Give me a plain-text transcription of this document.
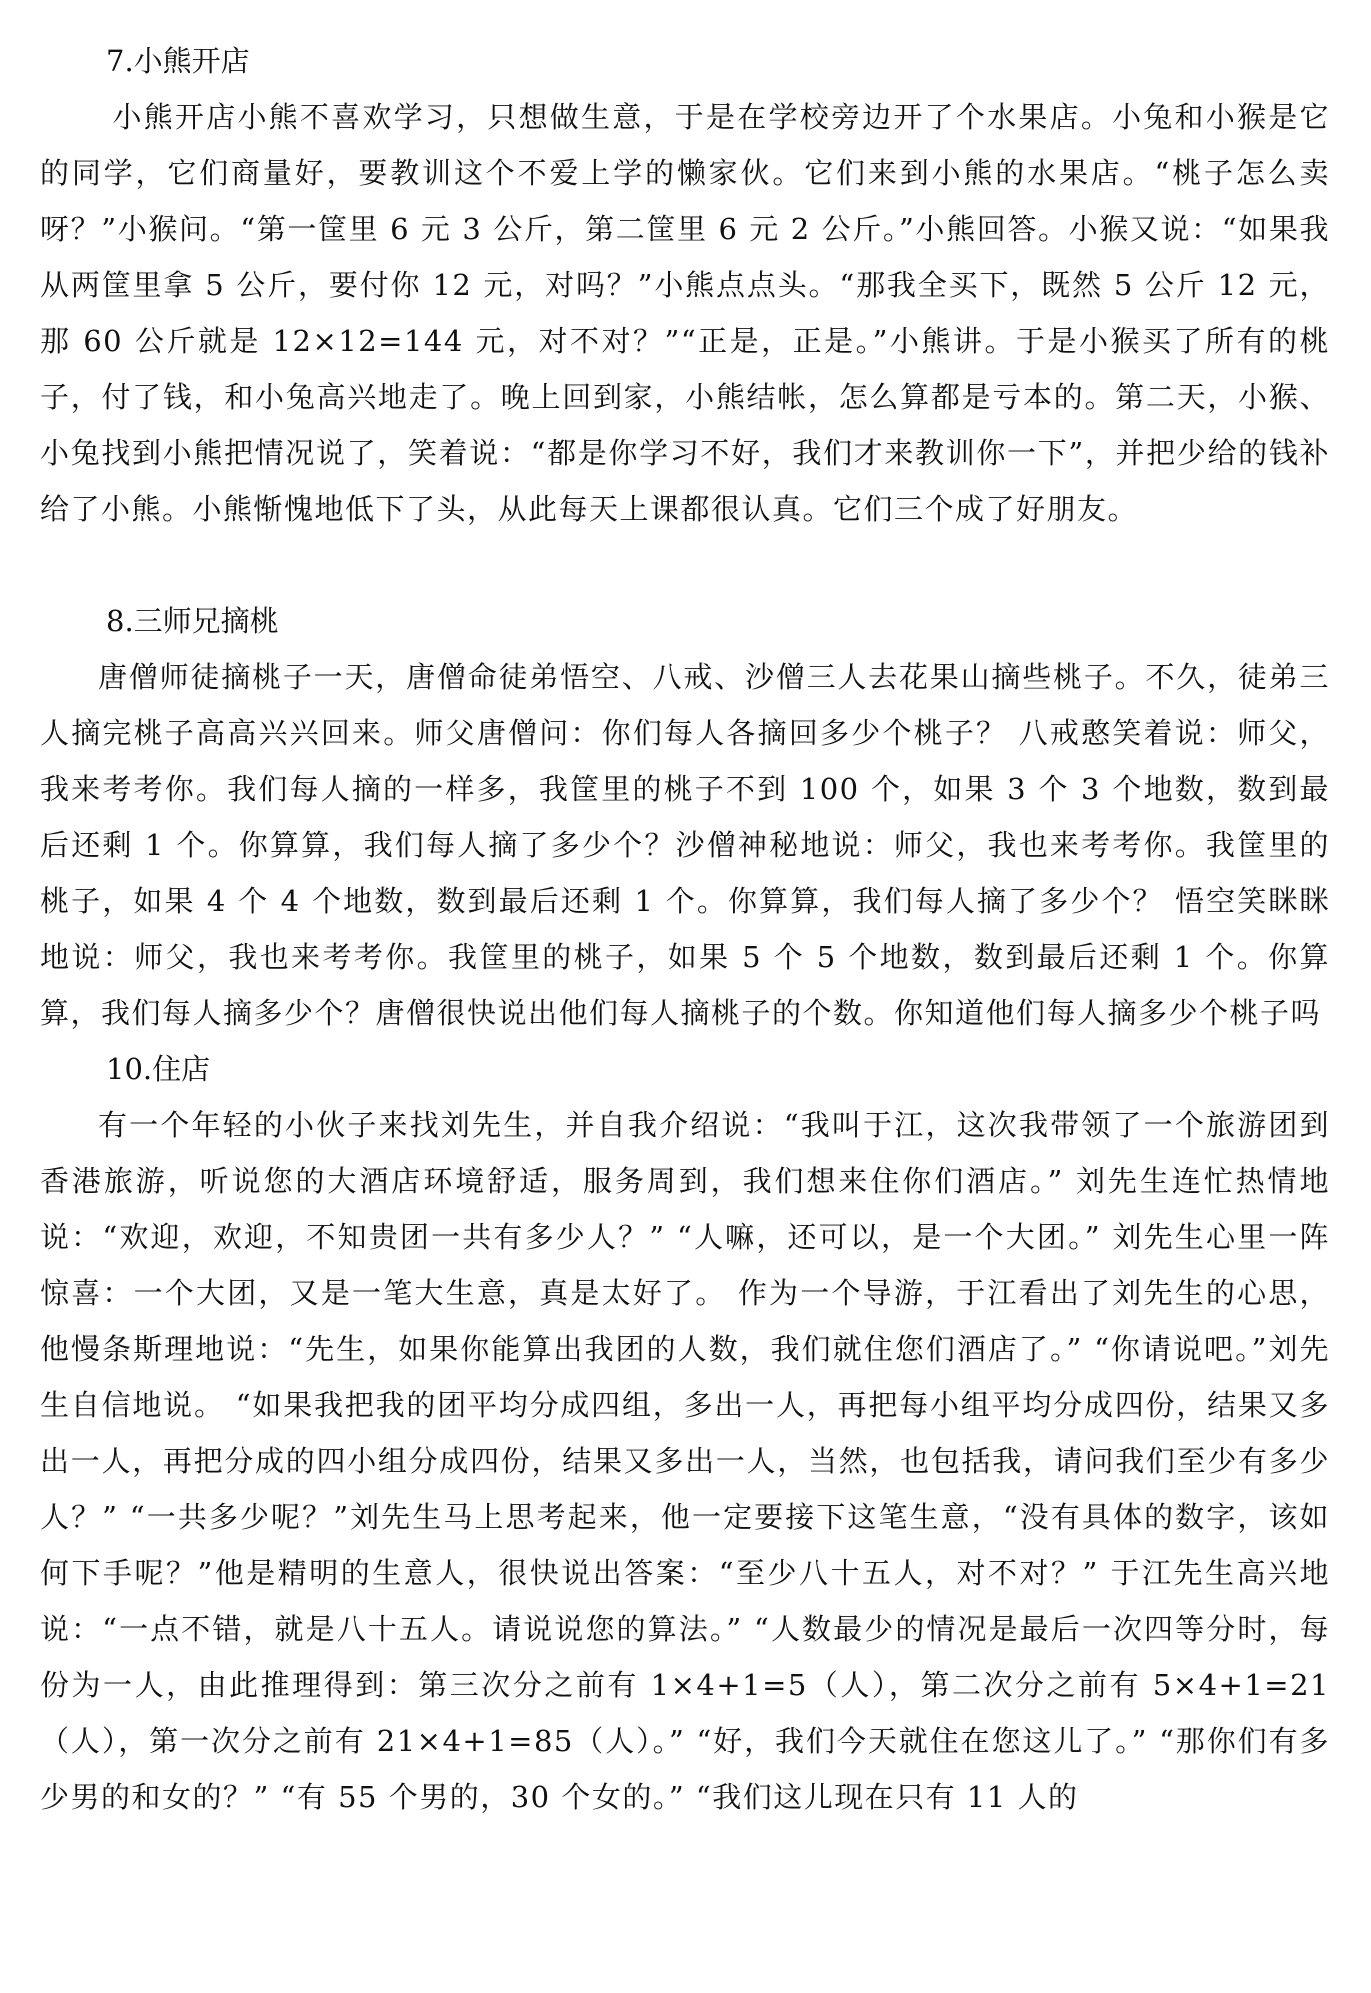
7.小熊开店

小熊开店小熊不喜欢学习，只想做生意，于是在学校旁边开了个水果店。小兔和小猴是它的同学，它们商量好，要教训这个不爱上学的懒家伙。它们来到小熊的水果店。“桃子怎么卖呀？”小猴问。“第一筐里 6 元 3 公斤，第二筐里 6 元 2 公斤。”小熊回答。小猴又说：“如果我从两筐里拿 5 公斤，要付你 12 元，对吗？”小熊点点头。“那我全买下，既然 5 公斤 12 元，那 60 公斤就是 12×12=144 元，对不对？”“正是，正是。”小熊讲。于是小猴买了所有的桃子，付了钱，和小兔高兴地走了。晚上回到家，小熊结帐，怎么算都是亏本的。第二天，小猴、小兔找到小熊把情况说了，笑着说：“都是你学习不好，我们才来教训你一下”，并把少给的钱补给了小熊。小熊惭愧地低下了头，从此每天上课都很认真。它们三个成了好朋友。

8.三师兄摘桃

唐僧师徒摘桃子一天，唐僧命徒弟悟空、八戒、沙僧三人去花果山摘些桃子。不久，徒弟三人摘完桃子高高兴兴回来。师父唐僧问：你们每人各摘回多少个桃子？ 八戒憨笑着说：师父，我来考考你。我们每人摘的一样多，我筐里的桃子不到 100 个，如果 3 个 3 个地数，数到最后还剩 1 个。你算算，我们每人摘了多少个？沙僧神秘地说：师父，我也来考考你。我筐里的桃子，如果 4 个 4 个地数，数到最后还剩 1 个。你算算，我们每人摘了多少个？ 悟空笑眯眯地说：师父，我也来考考你。我筐里的桃子，如果 5 个 5 个地数，数到最后还剩 1 个。你算算，我们每人摘多少个？唐僧很快说出他们每人摘桃子的个数。你知道他们每人摘多少个桃子吗

10.住店

有一个年轻的小伙子来找刘先生，并自我介绍说：“我叫于江，这次我带领了一个旅游团到香港旅游，听说您的大酒店环境舒适，服务周到，我们想来住你们酒店。” 刘先生连忙热情地说：“欢迎，欢迎，不知贵团一共有多少人？” “人嘛，还可以，是一个大团。” 刘先生心里一阵惊喜：一个大团，又是一笔大生意，真是太好了。 作为一个导游，于江看出了刘先生的心思，他慢条斯理地说：“先生，如果你能算出我团的人数，我们就住您们酒店了。” “你请说吧。”刘先生自信地说。 “如果我把我的团平均分成四组，多出一人，再把每小组平均分成四份，结果又多出一人，再把分成的四小组分成四份，结果又多出一人，当然，也包括我，请问我们至少有多少人？” “一共多少呢？”刘先生马上思考起来，他一定要接下这笔生意，“没有具体的数字，该如何下手呢？”他是精明的生意人，很快说出答案：“至少八十五人，对不对？” 于江先生高兴地说：“一点不错，就是八十五人。请说说您的算法。” “人数最少的情况是最后一次四等分时，每份为一人，由此推理得到：第三次分之前有 1×4+1=5（人），第二次分之前有 5×4+1=21（人），第一次分之前有 21×4+1=85（人）。” “好，我们今天就住在您这儿了。” “那你们有多少男的和女的？” “有 55 个男的，30 个女的。” “我们这儿现在只有 11 人的
